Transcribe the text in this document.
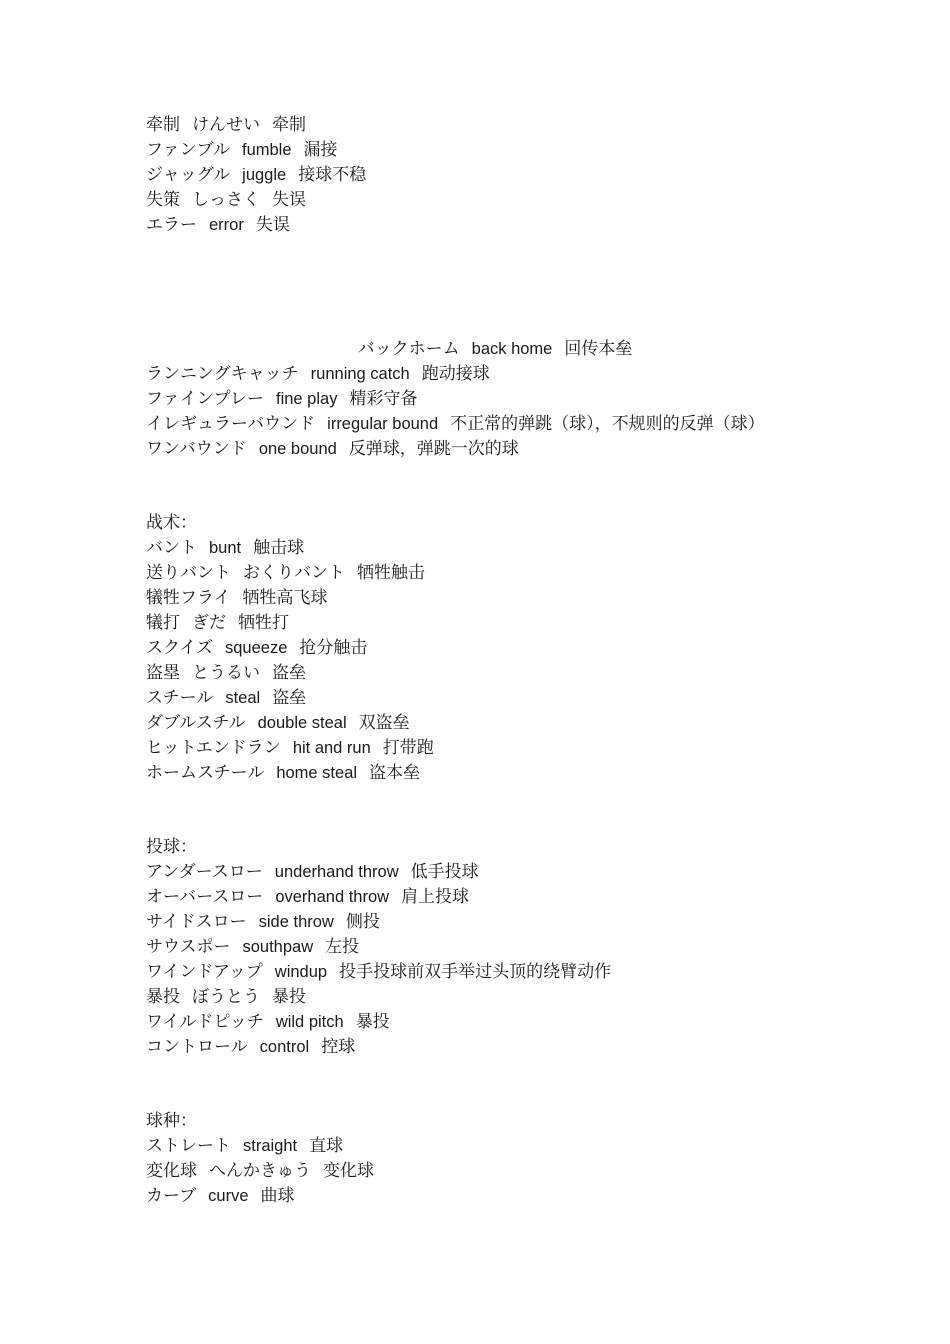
牵制 けんせい 牵制
ファンブル fumble 漏接
ジャッグル juggle 接球不稳
失策 しっさく 失误
エラー error 失误
バックホーム back home 回传本垒
ランニングキャッチ running catch 跑动接球
ファインプレー fine play 精彩守备
イレギュラーバウンド irregular bound 不正常的弹跳（球），不规则的反弹（球）
ワンバウンド one bound 反弹球，弹跳一次的球
战术：
バント bunt 触击球
送りバント おくりバント 牺牲触击
犠牲フライ 牺牲高飞球
犠打 ぎだ 牺牲打
スクイズ squeeze 抢分触击
盗塁 とうるい 盗垒
スチール steal 盗垒
ダブルスチル double steal 双盗垒
ヒットエンドラン hit and run 打带跑
ホームスチール home steal 盗本垒
投球：
アンダースロー underhand throw 低手投球
オーバースロー overhand throw 肩上投球
サイドスロー side throw 侧投
サウスポー southpaw 左投
ワインドアップ windup 投手投球前双手举过头顶的绕臂动作
暴投 ぼうとう 暴投
ワイルドピッチ wild pitch 暴投
コントロール control 控球
球种：
ストレート straight 直球
変化球 へんかきゅう 变化球
カーブ curve 曲球
